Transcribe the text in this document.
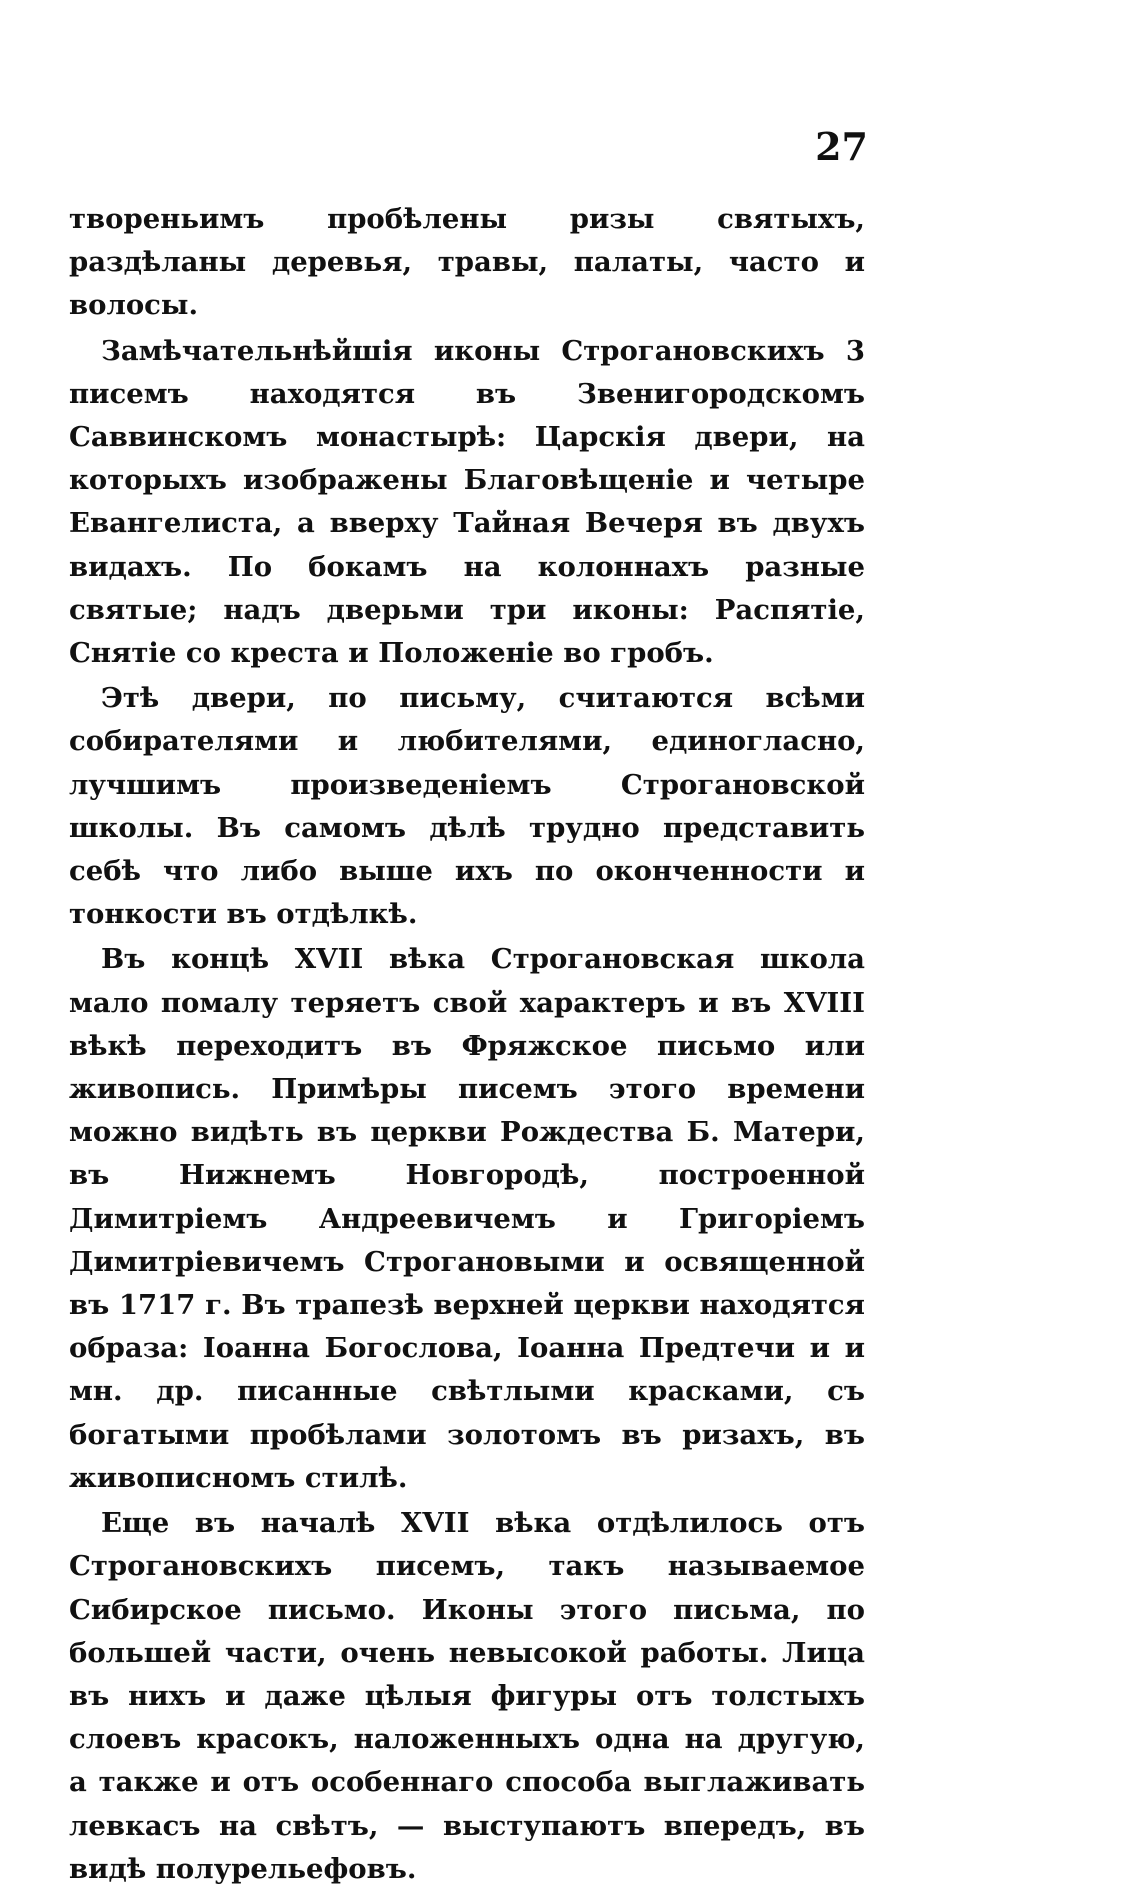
27

твореньимъ пробѣлены ризы святыхъ, раздѣланы деревья, травы, палаты, часто и волосы.

Замѣчательнѣйшія иконы Строгановскихъ 3 писемъ находятся въ Звенигородскомъ Саввинскомъ монастырѣ: Царскія двери, на которыхъ изображены Благовѣщеніе и четыре Евангелиста, а вверху Тайная Вечеря въ двухъ видахъ. По бокамъ на колоннахъ разные святые; надъ дверьми три иконы: Распятіе, Снятіе со креста и Положеніе во гробъ.

Этѣ двери, по письму, считаются всѣми собирателями и любителями, единогласно, лучшимъ произведеніемъ Строгановской школы. Въ самомъ дѣлѣ трудно представить себѣ что либо выше ихъ по оконченности и тонкости въ отдѣлкѣ.

Въ концѣ XVII вѣка Строгановская школа мало помалу теряетъ свой характеръ и въ XVIII вѣкѣ переходитъ въ Фряжское письмо или живопись. Примѣры писемъ этого времени можно видѣть въ церкви Рождества Б. Матери, въ Нижнемъ Новгородѣ, построенной Димитріемъ Андреевичемъ и Григоріемъ Димитріевичемъ Строгановыми и освященной въ 1717 г. Въ трапезѣ верхней церкви находятся образа: Іоанна Богослова, Іоанна Предтечи и и мн. др. писанные свѣтлыми красками, съ богатыми пробѣлами золотомъ въ ризахъ, въ живописномъ стилѣ.

Еще въ началѣ XVII вѣка отдѣлилось отъ Строгановскихъ писемъ, такъ называемое Сибирское письмо. Иконы этого письма, по большей части, очень невысокой работы. Лица въ нихъ и даже цѣлыя фигуры отъ толстыхъ слоевъ красокъ, наложенныхъ одна на другую, а также и отъ особеннаго способа выглаживать левкасъ на свѣтъ, — выступаютъ впередъ, въ видѣ полурельефовъ.
